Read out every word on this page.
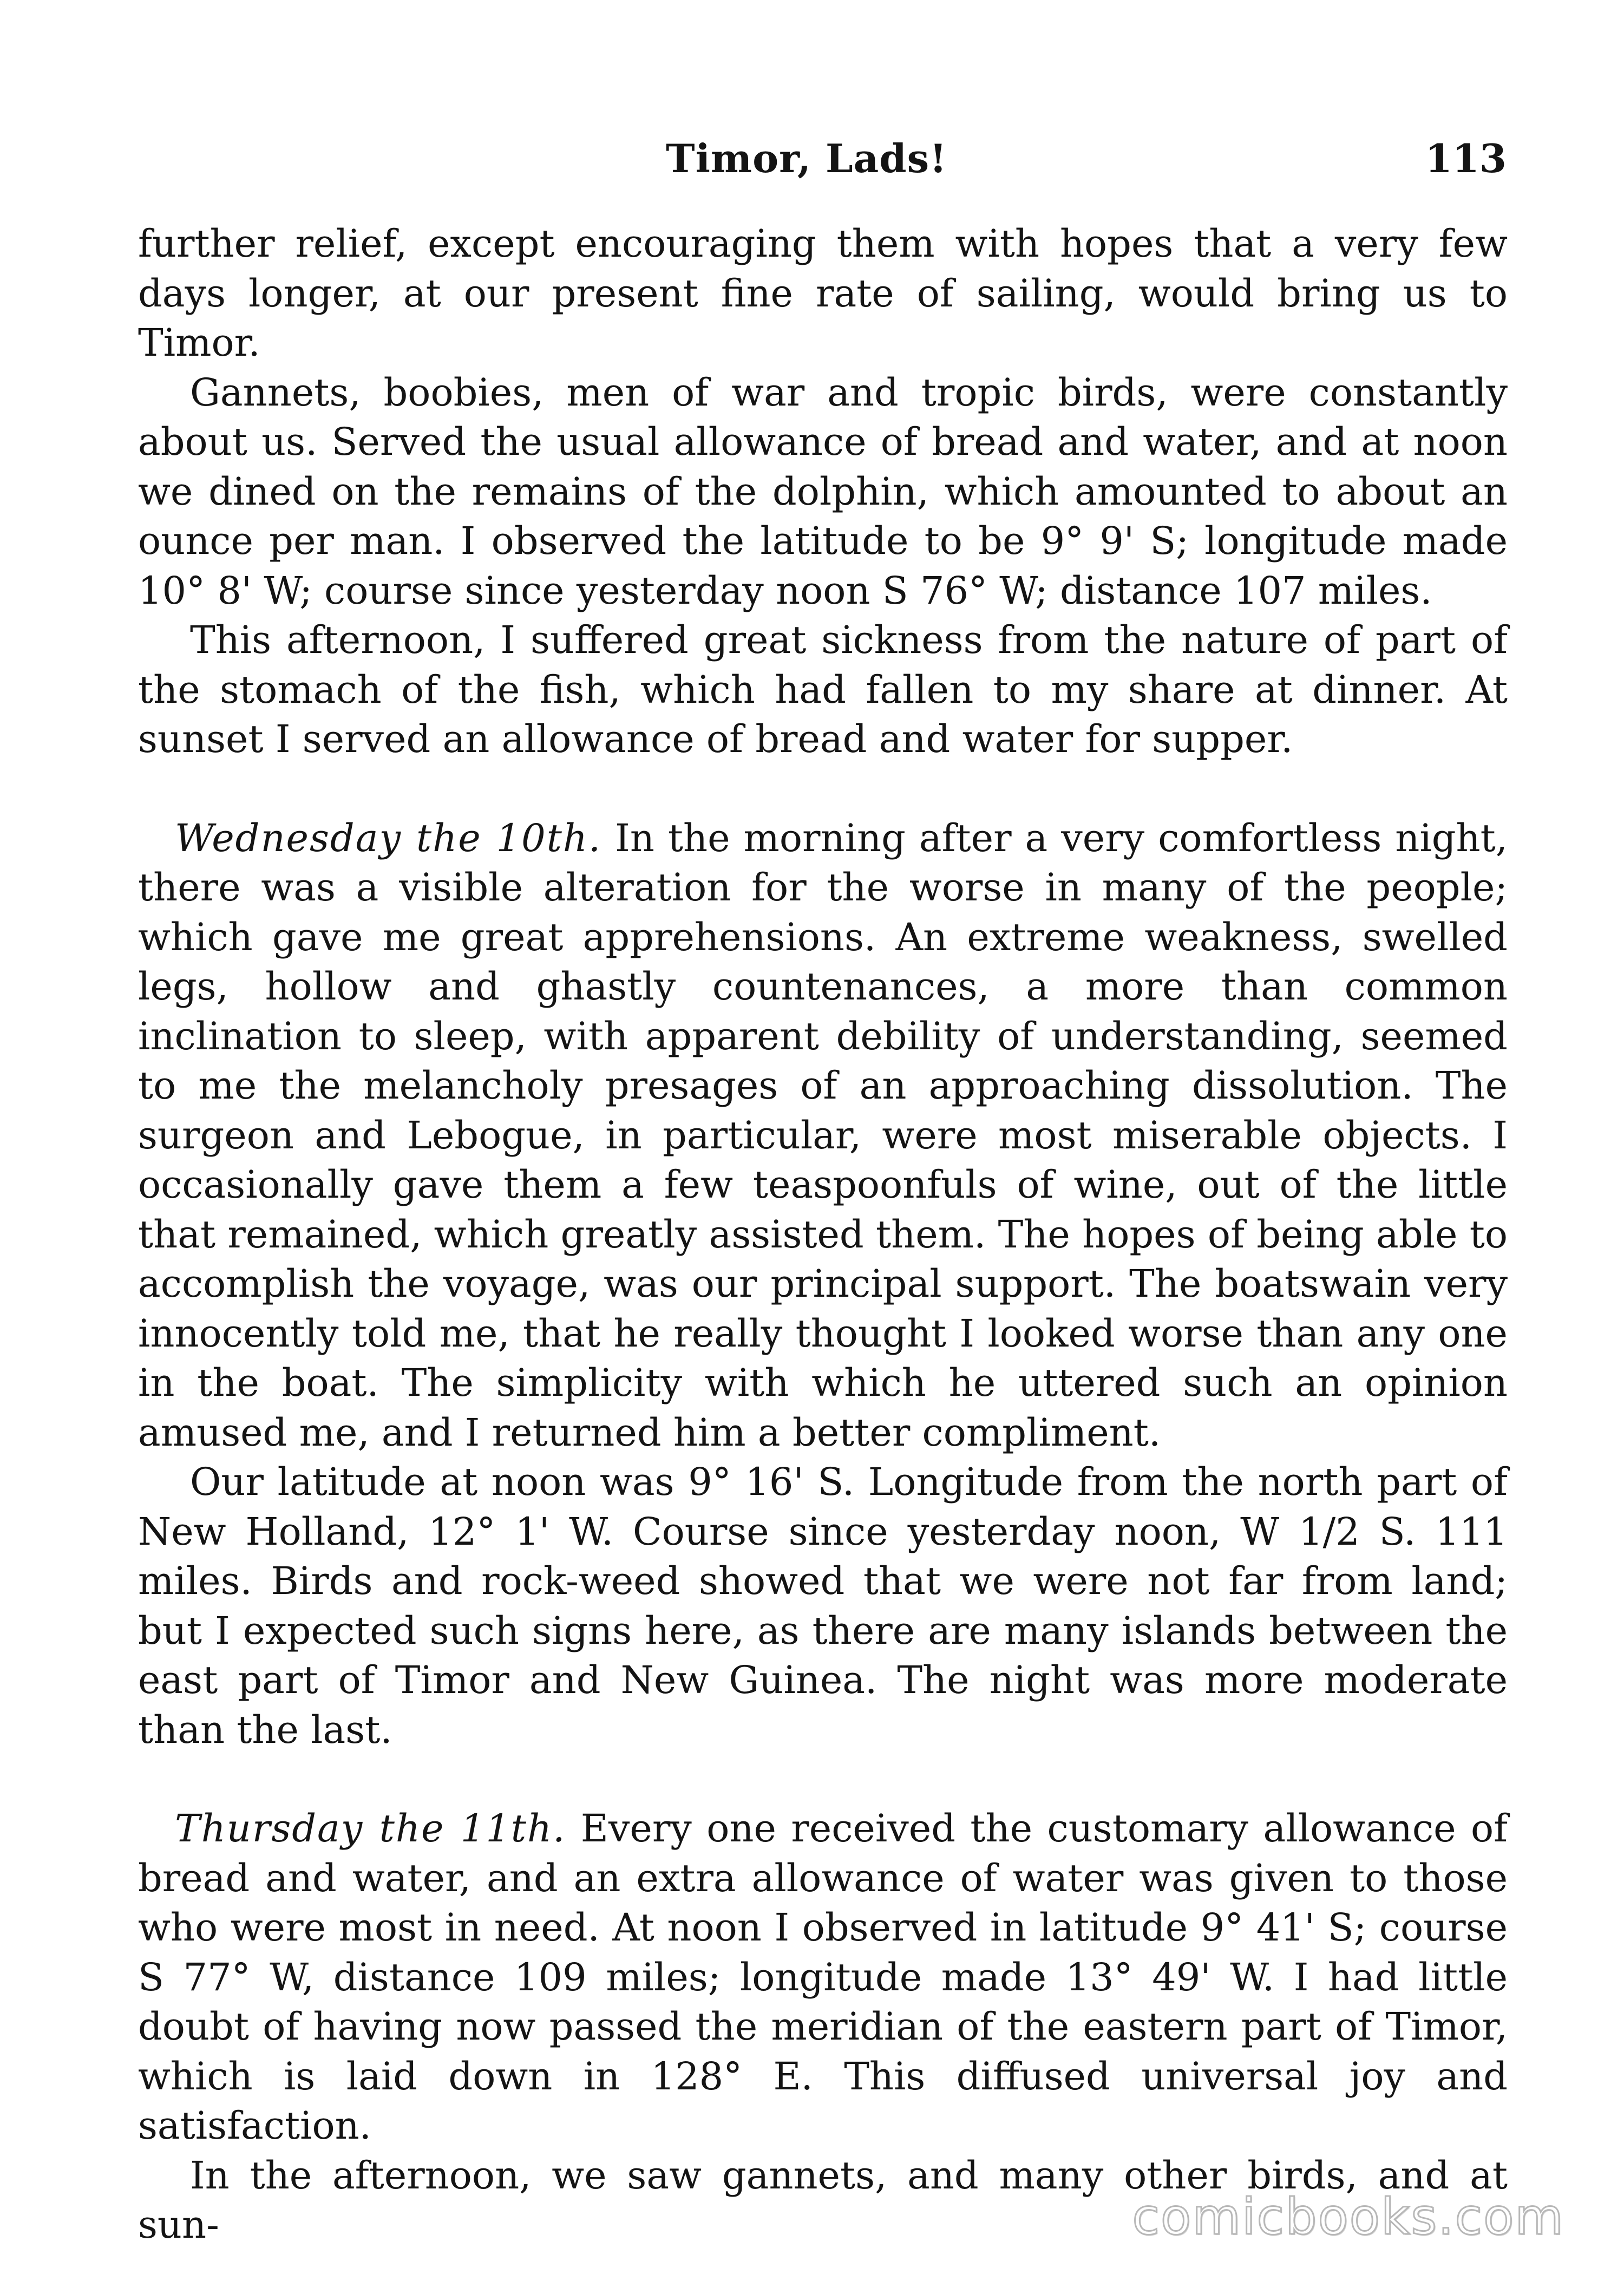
Timor, Lads!	113

further relief, except encouraging them with hopes that a very few days longer, at our present fine rate of sailing, would bring us to Timor.

Gannets, boobies, men of war and tropic birds, were constantly about us. Served the usual allowance of bread and water, and at noon we dined on the remains of the dolphin, which amounted to about an ounce per man. I observed the latitude to be 9° 9' S; longitude made 10° 8' W; course since yesterday noon S 76° W; distance 107 miles.

This afternoon, I suffered great sickness from the nature of part of the stomach of the fish, which had fallen to my share at dinner. At sunset I served an allowance of bread and water for supper.

Wednesday the 10th. In the morning after a very comfortless night, there was a visible alteration for the worse in many of the people; which gave me great apprehensions. An extreme weakness, swelled legs, hollow and ghastly countenances, a more than common inclination to sleep, with apparent debility of understanding, seemed to me the melancholy presages of an approaching dissolution. The surgeon and Lebogue, in particular, were most miserable objects. I occasionally gave them a few teaspoonfuls of wine, out of the little that remained, which greatly assisted them. The hopes of being able to accomplish the voyage, was our principal support. The boatswain very innocently told me, that he really thought I looked worse than any one in the boat. The simplicity with which he uttered such an opinion amused me, and I returned him a better compliment.

Our latitude at noon was 9° 16' S. Longitude from the north part of New Holland, 12° 1' W. Course since yesterday noon, W 1/2 S. 111 miles. Birds and rock-weed showed that we were not far from land; but I expected such signs here, as there are many islands between the east part of Timor and New Guinea. The night was more moderate than the last.

Thursday the 11th. Every one received the customary allowance of bread and water, and an extra allowance of water was given to those who were most in need. At noon I observed in latitude 9° 41' S; course S 77° W, distance 109 miles; longitude made 13° 49' W. I had little doubt of having now passed the meridian of the eastern part of Timor, which is laid down in 128° E. This diffused universal joy and satisfaction.

In the afternoon, we saw gannets, and many other birds, and at sun-	comicbooks.com
